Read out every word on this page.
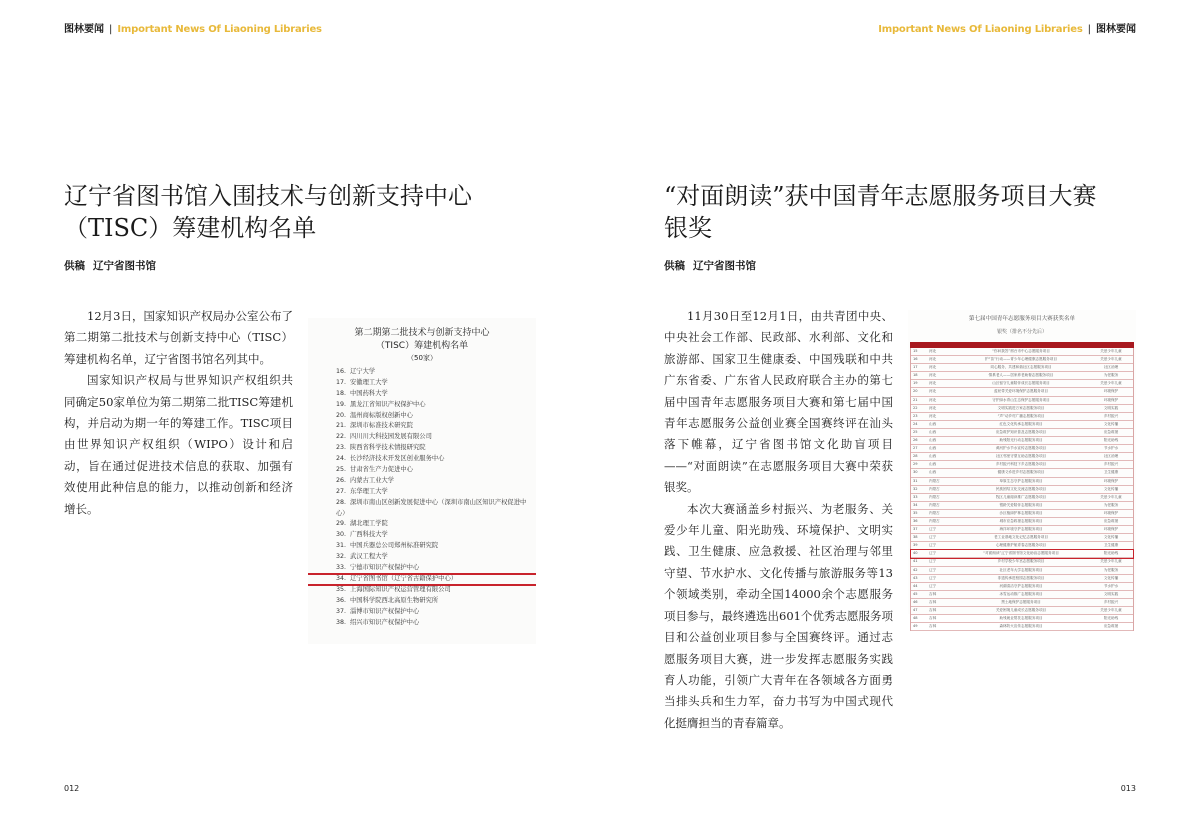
图林要闻 | Important News Of Liaoning Libraries
辽宁省图书馆入围技术与创新支持中心
（TISC）筹建机构名单
供稿 辽宁省图书馆

12月3日，国家知识产权局办公室公布了第二期第二批技术与创新支持中心（TISC）筹建机构名单，辽宁省图书馆名列其中。

国家知识产权局与世界知识产权组织共同确定50家单位为第二期第二批TISC筹建机构，并启动为期一年的筹建工作。TISC项目由世界知识产权组织（WIPO）设计和启动，旨在通过促进技术信息的获取、加强有效使用此种信息的能力，以推动创新和经济增长。

第二期第二批技术与创新支持中心
（TISC）筹建机构名单
（50家）
16. 辽宁大学
17. 安徽理工大学
18. 中国药科大学
19. 黑龙江省知识产权保护中心
20. 温州商标版权创新中心
21. 深圳市标准技术研究院
22. 四川川大科技园发展有限公司
23. 陕西省科学技术情报研究院
24. 长沙经济技术开发区创业服务中心
25. 甘肃省生产力促进中心
26. 内蒙古工业大学
27. 东华理工大学
28. 深圳市南山区创新发展促进中心（深圳市南山区知识产权促进中心）
29. 湖北理工学院
30. 广西科技大学
31. 中国兵器总公司郑州标准研究院
32. 武汉工程大学
33. 宁德市知识产权保护中心
34. 辽宁省图书馆（辽宁省古籍保护中心）
35. 上海国际知识产权运营管理有限公司
36. 中国科学院西北高原生物研究所
37. 淄博市知识产权保护中心
38. 绍兴市知识产权保护中心
012
Important News Of Liaoning Libraries | 图林要闻
“对面朗读”获中国青年志愿服务项目大赛
银奖
供稿 辽宁省图书馆

11月30日至12月1日，由共青团中央、中央社会工作部、民政部、水利部、文化和旅游部、国家卫生健康委、中国残联和中共广东省委、广东省人民政府联合主办的第七届中国青年志愿服务项目大赛和第七届中国青年志愿服务公益创业赛全国赛终评在汕头落下帷幕，辽宁省图书馆文化助盲项目——“对面朗读”在志愿服务项目大赛中荣获银奖。

本次大赛涵盖乡村振兴、为老服务、关爱少年儿童、阳光助残、环境保护、文明实践、卫生健康、应急救援、社区治理与邻里守望、节水护水、文化传播与旅游服务等13个领域类别，牵动全国14000余个志愿服务项目参与，最终遴选出601个优秀志愿服务项目和公益创业项目参与全国赛终评。通过志愿服务项目大赛，进一步发挥志愿服务实践育人功能，引领广大青年在各领域各方面勇当排头兵和生力军，奋力书写为中国式现代化挺膺担当的青春篇章。

第七届中国青年志愿服务项目大赛获奖名单
银奖（排名不分先后）
15	河北	“你问我答”邢台市中心志愿服务项目	关爱少年儿童
16	河北	护“苗”行动——青少年心理健康志愿服务项目	关爱少年儿童
17	河北	同心服务，共建和谐社区志愿服务项目	社区治理
18	河北	情系老人——居家养老助餐志愿服务项目	为老服务
19	河北	山区留守儿童陪伴成长志愿服务项目	关爱少年儿童
20	河北	蓝丝带关爱环境保护志愿服务项目	环境保护
21	河北	守护绿水青山生态保护志愿服务项目	环境保护
22	河北	文明实践进万家志愿服务项目	文明实践
23	河北	“声”动乡村广播志愿服务项目	乡村振兴
24	山西	红色文化传承志愿服务项目	文化传播
25	山西	应急救护知识普及志愿服务项目	应急救援
26	山西	助残阳光行动志愿服务项目	阳光助残
27	山西	黄河护水节水宣传志愿服务项目	节水护水
28	山西	社区邻里守望互助志愿服务项目	社区治理
29	山西	乡村振兴科技下乡志愿服务项目	乡村振兴
30	山西	健康义诊进乡村志愿服务项目	卫生健康
31	内蒙古	草原生态守护志愿服务项目	环境保护
32	内蒙古	民族团结文化交流志愿服务项目	文化传播
33	内蒙古	牧区儿童阅读推广志愿服务项目	关爱少年儿童
34	内蒙古	银龄关爱陪伴志愿服务项目	为老服务
35	内蒙古	沙区植绿护林志愿服务项目	环境保护
36	内蒙古	城市应急救援志愿服务项目	应急救援
37	辽宁	海洋环境守护志愿服务项目	环境保护
38	辽宁	老工业基地文化记忆志愿服务项目	文化传播
39	辽宁	心理健康护航青春志愿服务项目	卫生健康
40	辽宁	“对面朗读”辽宁省图书馆文化助盲志愿服务项目	阳光助残
41	辽宁	乡村学校少年宫志愿服务项目	关爱少年儿童
42	辽宁	社区老年大学志愿服务项目	为老服务
43	辽宁	非遗传承进校园志愿服务项目	文化传播
44	辽宁	河湖清洁守护志愿服务项目	节水护水
45	吉林	冰雪运动推广志愿服务项目	文明实践
46	吉林	黑土地保护志愿服务项目	乡村振兴
47	吉林	关爱困境儿童成长志愿服务项目	关爱少年儿童
48	吉林	助残就业帮扶志愿服务项目	阳光助残
49	吉林	森林防火宣传志愿服务项目	应急救援
013
